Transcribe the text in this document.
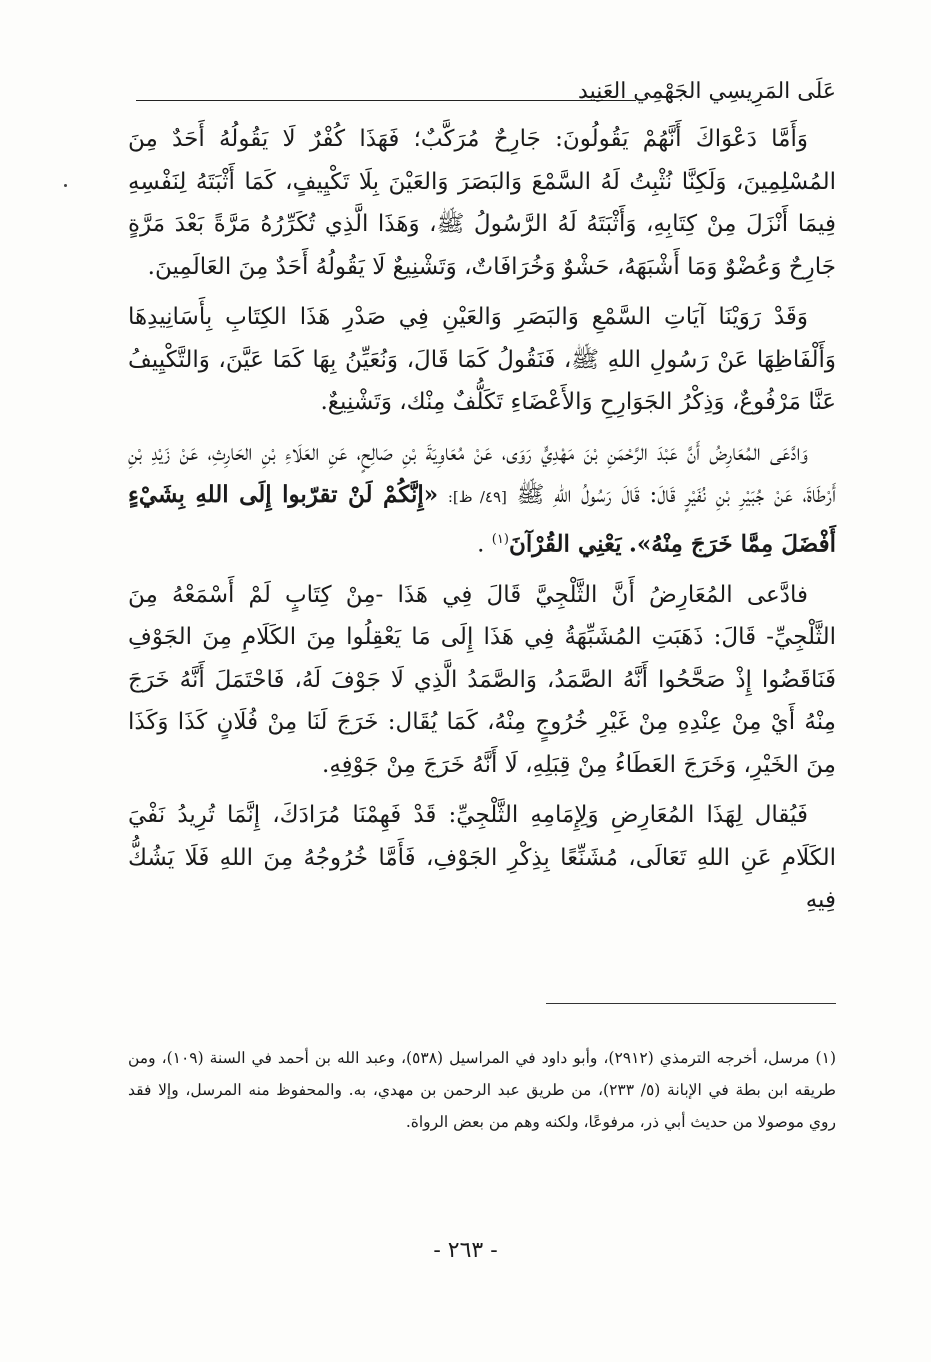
عَلَى المَرِيسِي الجَهْمِي العَنِيد

وَأَمَّا دَعْوَاكَ أَنَّهُمْ يَقُولُونَ: جَارِحٌ مُرَكَّبٌ؛ فَهَذَا كُفْرٌ لَا يَقُولُهُ أَحَدٌ مِنَ المُسْلِمِينَ، وَلَكِنَّا نُثْبِتُ لَهُ السَّمْعَ وَالبَصَرَ وَالعَيْنَ بِلَا تَكْيِيفٍ، كَمَا أَثْبَتَهُ لِنَفْسِهِ فِيمَا أَنْزَلَ مِنْ كِتَابِهِ، وَأَثْبَتَهُ لَهُ الرَّسُولُ ﷺ، وَهَذَا الَّذِي تُكَرِّرُهُ مَرَّةً بَعْدَ مَرَّةٍ جَارِحٌ وَعُضْوٌ وَمَا أَشْبَهَهُ، حَشْوٌ وَخُرَافَاتٌ، وَتَشْنِيعٌ لَا يَقُولُهُ أَحَدٌ مِنَ العَالَمِينَ.

وَقَدْ رَوَيْنَا آيَاتِ السَّمْعِ وَالبَصَرِ وَالعَيْنِ فِي صَدْرِ هَذَا الكِتَابِ بِأَسَانِيدِهَا وَأَلْفَاظِهَا عَنْ رَسُولِ اللهِ ﷺ، فَنَقُولُ كَمَا قَالَ، وَنُعَيِّنُ بِهَا كَمَا عَيَّنَ، وَالتَّكْيِيفُ عَنَّا مَرْفُوعٌ، وَذِكْرُ الجَوَارِحِ وَالأَعْضَاءِ تَكَلُّفٌ مِنْك، وَتَشْنِيعٌ.

وَادَّعَى المُعَارِضُ أَنَّ عَبْدَ الرَّحْمَنِ بْنَ مَهْدِيٍّ رَوَى، عَنْ مُعَاوِيَةَ بْنِ صَالِحٍ، عَنِ العَلَاءِ بْنِ الحَارِثِ، عَنْ زَيْدِ بْنِ أَرْطَاةَ، عَنْ جُبَيْرِ بْنِ نُفَيْرٍ قَالَ: قَالَ رَسُولُ اللهِ ﷺ [٤٩/ ظ]: «إِنَّكُمْ لَنْ تقرّبوا إِلَى اللهِ بِشَيْءٍ أَفْضَلَ مِمَّا خَرَجَ مِنْهُ». يَعْنِي القُرْآنَ$^{(١)}$ .

فادَّعى المُعَارِضُ أَنَّ الثَّلْجِيَّ قَالَ فِي هَذَا -مِنْ كِتَابٍ لَمْ أَسْمَعْهُ مِنَ الثَّلْجِيِّ- قَالَ: ذَهَبَتِ المُشَبِّهَةُ فِي هَذَا إِلَى مَا يَعْقِلُوا مِنَ الكَلَامِ مِنَ الجَوْفِ فَنَاقَضُوا إِذْ صَحَّحُوا أَنَّهُ الصَّمَدُ، وَالصَّمَدُ الَّذِي لَا جَوْفَ لَهُ، فَاحْتَمَلَ أَنَّهُ خَرَجَ مِنْهُ أَيْ مِنْ عِنْدِهِ مِنْ غَيْرِ خُرُوجٍ مِنْهُ، كَمَا يُقَال: خَرَجَ لَنَا مِنْ فُلَانٍ كَذَا وَكَذَا مِنَ الخَيْرِ، وَخَرَجَ العَطَاءُ مِنْ قِبَلِهِ، لَا أَنَّهُ خَرَجَ مِنْ جَوْفِهِ.

فَيُقال لِهَذَا المُعَارِضِ وَلِإِمَامِهِ الثَّلْجِيِّ: قَدْ فَهِمْنَا مُرَادَكَ، إِنَّمَا تُرِيدُ نَفْيَ الكَلَامِ عَنِ اللهِ تَعَالَى، مُشَنِّعًا بِذِكْرِ الجَوْفِ، فَأَمَّا خُرُوجُهُ مِنَ اللهِ فَلَا يَشُكُّ فِيهِ

(١) مرسل، أخرجه الترمذي (٢٩١٢)، وأبو داود في المراسيل (٥٣٨)، وعبد الله بن أحمد في السنة (١٠٩)، ومن طريقه ابن بطة في الإبانة (٥/ ٢٣٣)، من طريق عبد الرحمن بن مهدي، به. والمحفوظ منه المرسل، وإلا فقد روي موصولا من حديث أبي ذر، مرفوعًا، ولكنه وهم من بعض الرواة.

- ٢٦٣ -
